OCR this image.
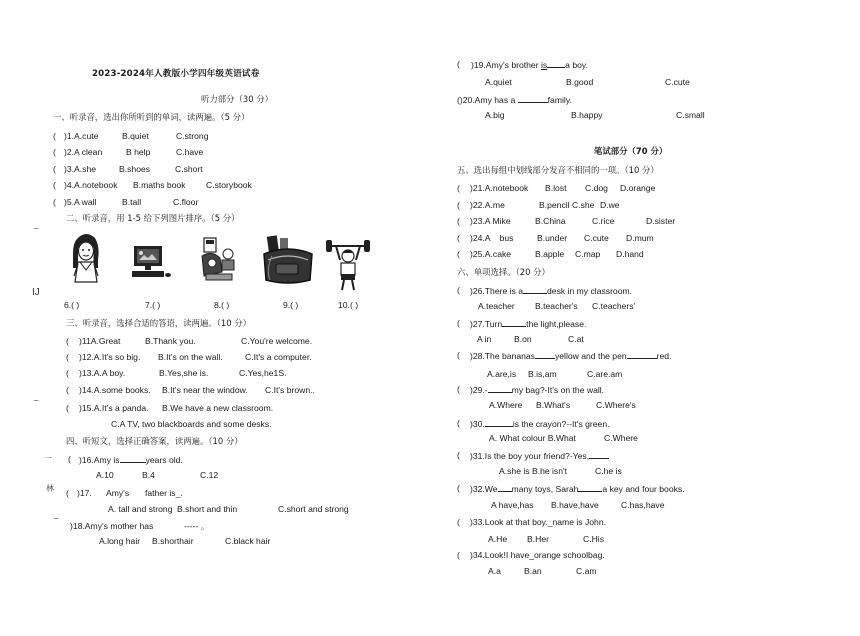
2023-2024年人教版小学四年级英语试卷
听力部分（30 分）
一、听录音，选出你所听到的单词，读两遍。（5 分）
( )1.A.cute	B.quiet	C.strong
( )2.A clean	B help	C.have
( )3.A.she	B.shoes	C.short
( )4.A.notebook B.maths book C.storybook
( )5.A wall	B.tall	C.floor
二、听录音，用 1-5 给下列图片排序。（5 分）
6.( )	7.( )	8.( )	9.( )	10.( )
三、听录音，选择合适的答语，读两遍。（10 分）
( )11A.Great	B.Thank you.	C.You're welcome.
( )12.A.It's so big. B.It's on the wall.	C.It's a computer.
( )13.A.A boy.	B.Yes,she is.	C.Yes,he1S.
( )14.A.some books. B.It's near the window. C.It's brown..
( )15.A.It's a panda. B.We have a new classroom.
C.A TV, two blackboards and some desks.
四、听短文，选择正确答案，读两遍。（10 分）
( )16.Amy is	years old.
A.10	B.4	C.12
( )17. Amy's father is_.
A. tall and strong B.short and thin	C.short and strong
)18.Amy's mother has	----- 。
A.long hair B.shorthair	C.black hair
_
IJ
_
一
林
_
( )19.Amy's brother is a boy.
A.quiet	B.good	C.cute
()20.Amy has a	family.
A.big	B.happy	C.small
笔试部分（70 分）
五、选出每组中划线部分发音不相同的一项。（10 分）
( )21.A.notebook B.lost C.dog D.orange
( )22.A.me	B.pencil C.she D.we
( )23.A Mike	B.China	C.rice	D.sister
( )24.A    bus	B.under C.cute D.mum
( )25.A.cake	B.apple C.map D.hand
六、单项选择。（20 分）
( )26.There is a	desk in my classroom.
A.teacher B.teacher's C.teachers'
( )27.Turn	the light,please.
A in	B.on	C.at
( )28.The bananas yellow and the pen	red.
A.are,is B.is,am	C.are.am
( )29.-	my bag?-It's on the wall.
A.Where B.What's	C.Where's
( )30.	is the crayon?--It's green.
A. What colour B.What	C.Where
( )31.Is the boy your friend?-Yes,
A.she is B.he isn't	C.he is
( )32.We many toys, Sarah	a key and four books.
A have,has B.have,have	C.has,have
( )33.Look at that boy._name is John.
A.He B.Her	C.His
( )34.Look!I have_orange schoolbag.
A.a	B.an	C.am
